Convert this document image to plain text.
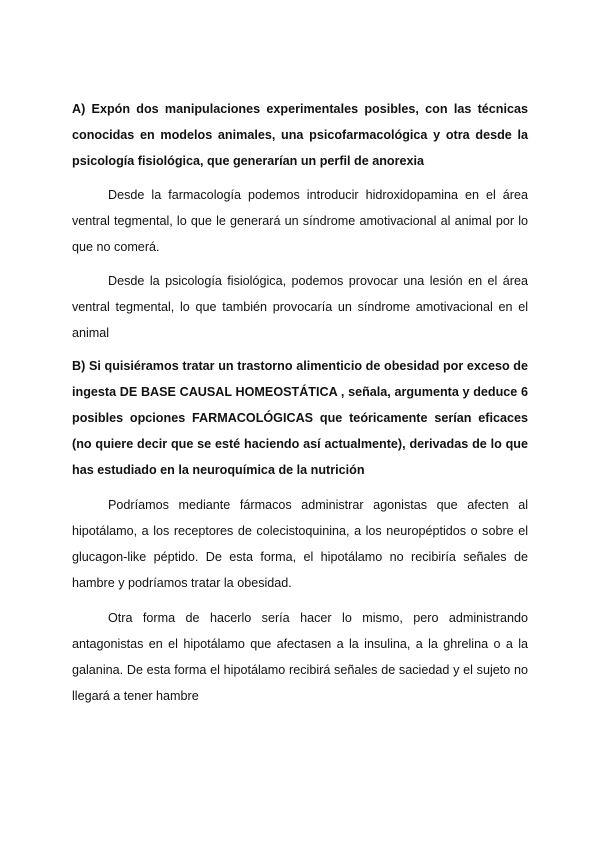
A) Expón dos manipulaciones experimentales posibles, con las técnicas conocidas en modelos animales, una psicofarmacológica y otra desde la psicología fisiológica, que generarían un perfil de anorexia

Desde la farmacología podemos introducir hidroxidopamina en el área ventral tegmental, lo que le generará un síndrome amotivacional al animal por lo que no comerá.

Desde la psicología fisiológica, podemos provocar una lesión en el área ventral tegmental, lo que también provocaría un síndrome amotivacional en el animal

B) Si quisiéramos tratar un trastorno alimenticio de obesidad por exceso de ingesta DE BASE CAUSAL HOMEOSTÁTICA , señala, argumenta y deduce 6 posibles opciones FARMACOLÓGICAS que teóricamente serían eficaces (no quiere decir que se esté haciendo así actualmente), derivadas de lo que has estudiado en la neuroquímica de la nutrición

Podríamos mediante fármacos administrar agonistas que afecten al hipotálamo, a los receptores de colecistoquinina, a los neuropéptidos o sobre el glucagon-like péptido. De esta forma, el hipotálamo no recibiría señales de hambre y podríamos tratar la obesidad.

Otra forma de hacerlo sería hacer lo mismo, pero administrando antagonistas en el hipotálamo que afectasen a la insulina, a la ghrelina o a la galanina. De esta forma el hipotálamo recibirá señales de saciedad y el sujeto no llegará a tener hambre
